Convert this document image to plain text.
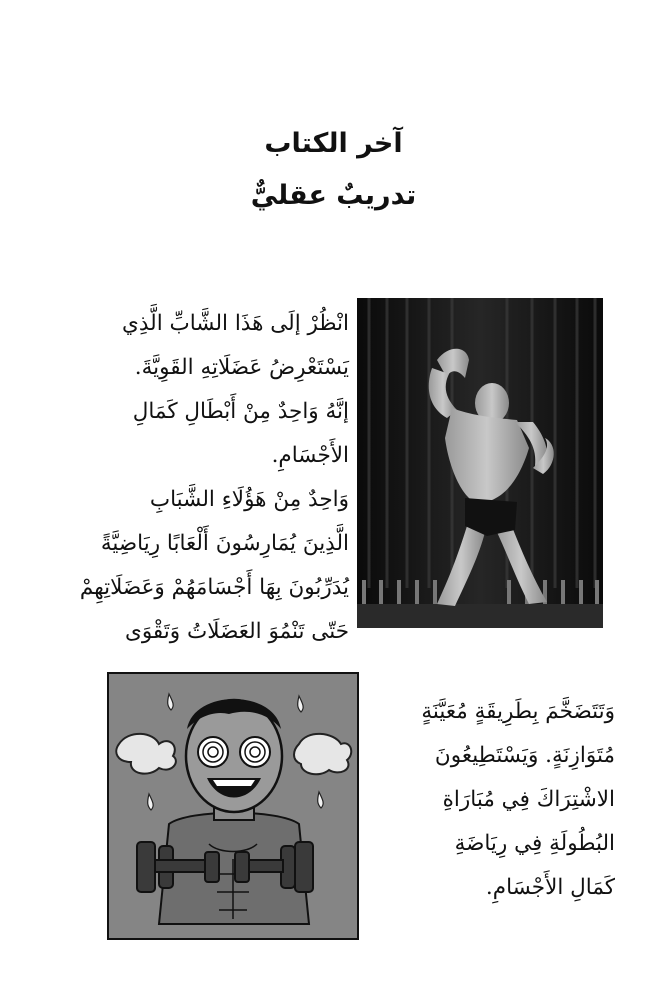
آخر الكتاب
تدريبٌ عقليٌّ
انْظُرْ إلَى هَذَا الشَّابِّ الَّذِي
يَسْتَعْرِضُ عَضَلَاتِهِ القَوِيَّةَ.
إنَّهُ وَاحِدٌ مِنْ أَبْطَالِ كَمَالِ
الأَجْسَامِ.
وَاحِدٌ مِنْ هَؤُلَاءِ الشَّبَابِ
الَّذِينَ يُمَارِسُونَ أَلْعَابًا رِيَاضِيَّةً
يُدَرِّبُونَ بِهَا أَجْسَامَهُمْ وَعَضَلَاتِهِمْ
حَتّى تَنْمُوَ العَضَلَاتُ وَتَقْوَى
وَتَتَضَخَّمَ بِطَرِيقَةٍ مُعَيَّنَةٍ
مُتَوَازِنَةٍ. وَيَسْتَطِيعُونَ
الاشْتِرَاكَ فِي مُبَارَاةِ
البُطُولَةِ فِي رِيَاضَةِ
كَمَالِ الأَجْسَامِ.
